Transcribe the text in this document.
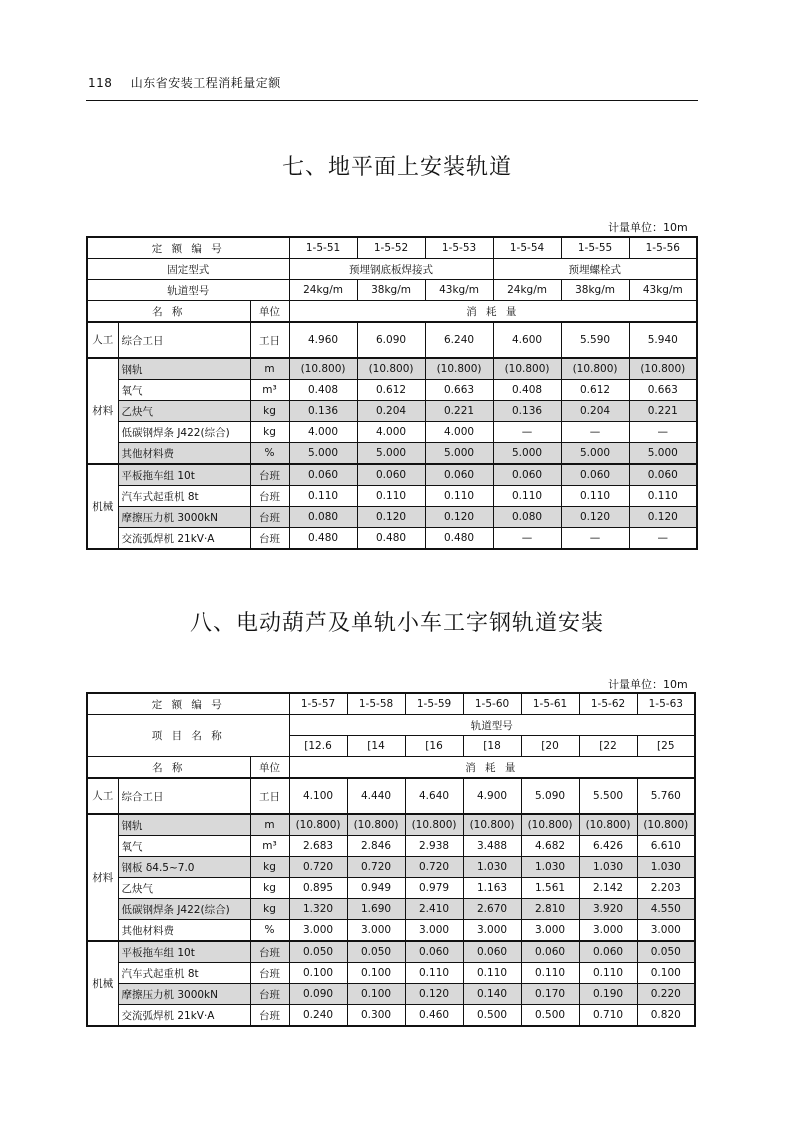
118 山东省安装工程消耗量定额
七、地平面上安装轨道
计量单位：10m
定 额 编 号			1-5-51	1-5-52	1-5-53	1-5-54	1-5-55	1-5-56
固定型式			预埋钢底板焊接式			预埋螺栓式		
轨道型号			24kg/m	38kg/m	43kg/m	24kg/m	38kg/m	43kg/m
名 称		单位	消 耗 量					
人工	综合工日	工日	4.960	6.090	6.240	4.600	5.590	5.940
材料	钢轨	m	(10.800)	(10.800)	(10.800)	(10.800)	(10.800)	(10.800)
	氧气	m³	0.408	0.612	0.663	0.408	0.612	0.663
	乙炔气	kg	0.136	0.204	0.221	0.136	0.204	0.221
	低碳钢焊条 J422(综合)	kg	4.000	4.000	4.000	—	—	—
	其他材料费	%	5.000	5.000	5.000	5.000	5.000	5.000
机械	平板拖车组 10t	台班	0.060	0.060	0.060	0.060	0.060	0.060
	汽车式起重机 8t	台班	0.110	0.110	0.110	0.110	0.110	0.110
	摩擦压力机 3000kN	台班	0.080	0.120	0.120	0.080	0.120	0.120
	交流弧焊机 21kV·A	台班	0.480	0.480	0.480	—	—	—
八、电动葫芦及单轨小车工字钢轨道安装
计量单位：10m
定 额 编 号			1-5-57	1-5-58	1-5-59	1-5-60	1-5-61	1-5-62	1-5-63
项 目 名 称			轨道型号						
			[12.6	[14	[16	[18	[20	[22	[25
名 称		单位	消 耗 量						
人工	综合工日	工日	4.100	4.440	4.640	4.900	5.090	5.500	5.760
材料	钢轨	m	(10.800)	(10.800)	(10.800)	(10.800)	(10.800)	(10.800)	(10.800)
	氧气	m³	2.683	2.846	2.938	3.488	4.682	6.426	6.610
	钢板 δ4.5~7.0	kg	0.720	0.720	0.720	1.030	1.030	1.030	1.030
	乙炔气	kg	0.895	0.949	0.979	1.163	1.561	2.142	2.203
	低碳钢焊条 J422(综合)	kg	1.320	1.690	2.410	2.670	2.810	3.920	4.550
	其他材料费	%	3.000	3.000	3.000	3.000	3.000	3.000	3.000
机械	平板拖车组 10t	台班	0.050	0.050	0.060	0.060	0.060	0.060	0.050
	汽车式起重机 8t	台班	0.100	0.100	0.110	0.110	0.110	0.110	0.100
	摩擦压力机 3000kN	台班	0.090	0.100	0.120	0.140	0.170	0.190	0.220
	交流弧焊机 21kV·A	台班	0.240	0.300	0.460	0.500	0.500	0.710	0.820
